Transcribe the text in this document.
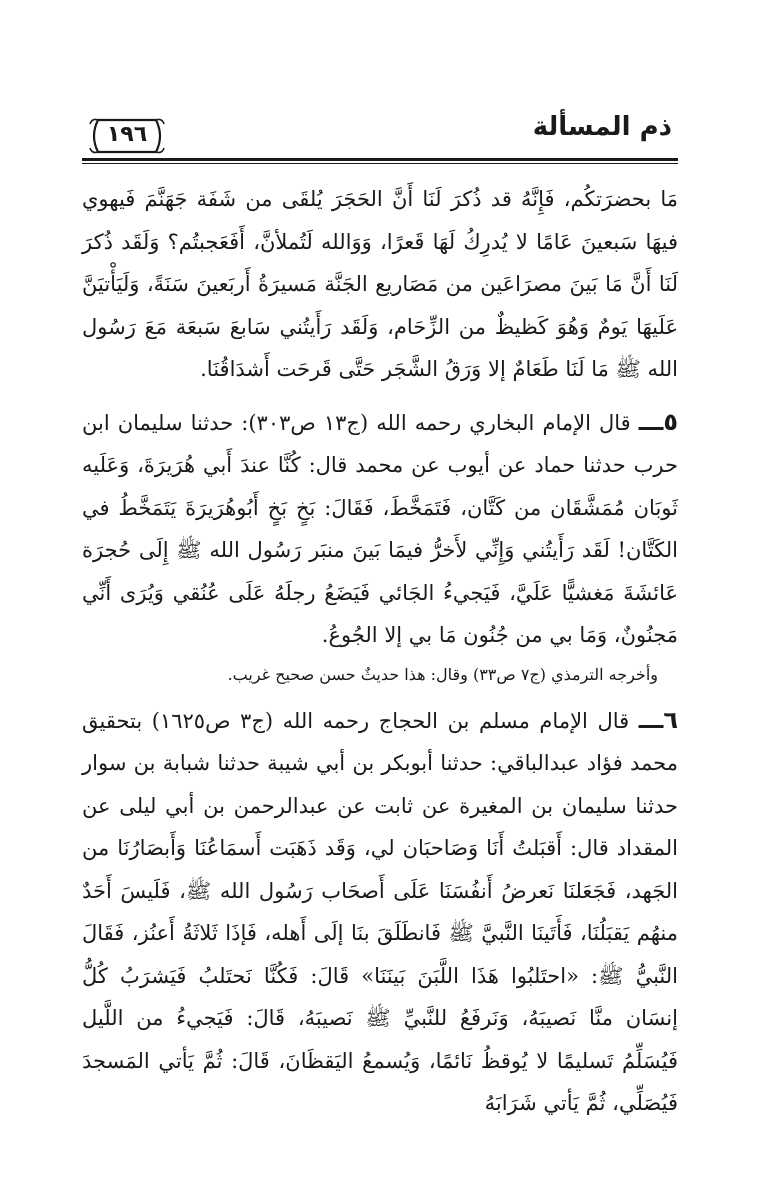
ذم المسألة
١٩٦

مَا بحضرَتكُم، فَإِنَّهُ قد ذُكرَ لَنَا أَنَّ الحَجَرَ يُلقَى من شَفَة جَهَنَّمَ فَيهوي فيهَا سَبعينَ عَامًا لا يُدرِكُ لَهَا قَعرًا، وَوَالله لَتُملأنَّ، أَفَعَجبتُم؟ وَلَقَد ذُكرَ لَنَا أَنَّ مَا بَينَ مصرَاعَين من مَصَاريع الجَنَّة مَسيرَةُ أَربَعينَ سَنَةً، وَلَيَأْتيَنَّ عَلَيهَا يَومٌ وَهُوَ كَظيظٌ من الزِّحَام، وَلَقَد رَأَيتُني سَابعَ سَبعَة مَعَ رَسُول الله ﷺ مَا لَنَا طَعَامٌ إلا وَرَقُ الشَّجَر حَتَّى قَرحَت أَشدَاقُنَا.

٥ـــ قال الإمام البخاري رحمه الله (ج١٣ ص٣٠٣): حدثنا سليمان ابن حرب حدثنا حماد عن أيوب عن محمد قال: كُنَّا عندَ أَبي هُرَيرَةَ، وَعَلَيه ثَوبَان مُمَشَّقَان من كَتَّان، فَتَمَخَّطَ، فَقَالَ: بَخٍ بَخٍ أَبُوهُرَيرَةَ يَتَمَخَّطُ في الكَتَّان! لَقَد رَأَيتُني وَإِنِّي لأَخرُّ فيمَا بَينَ منبَر رَسُول الله ﷺ إِلَى حُجرَة عَائشَةَ مَغشيًّا عَلَيَّ، فَيَجيءُ الجَائي فَيَضَعُ رجلَهُ عَلَى عُنُقي وَيُرَى أَنِّي مَجنُونٌ، وَمَا بي من جُنُون مَا بي إلا الجُوعُ.

وأخرجه الترمذي (ج٧ ص٣٣) وقال: هذا حديثٌ حسن صحيح غريب.

٦ـــ قال الإمام مسلم بن الحجاج رحمه الله (ج٣ ص١٦٢٥) بتحقيق محمد فؤاد عبدالباقي: حدثنا أبوبكر بن أبي شيبة حدثنا شبابة بن سوار حدثنا سليمان بن المغيرة عن ثابت عن عبدالرحمن بن أبي ليلى عن المقداد قال: أَقبَلتُ أَنَا وَصَاحبَان لي، وَقَد ذَهَبَت أَسمَاعُنَا وَأَبصَارُنَا من الجَهد، فَجَعَلنَا نَعرضُ أَنفُسَنَا عَلَى أَصحَاب رَسُول الله ﷺ، فَلَيسَ أَحَدٌ منهُم يَقبَلُنَا، فَأَتَينَا النَّبيَّ ﷺ فَانطَلَقَ بنَا إلَى أَهله، فَإذَا ثَلاثَةُ أَعنُز، فَقَالَ النَّبيُّ ﷺ: «احتَلبُوا هَذَا اللَّبَنَ بَينَنَا» قَالَ: فَكُنَّا نَحتَلبُ فَيَشرَبُ كُلُّ إنسَان منَّا نَصيبَهُ، وَنَرفَعُ للنَّبيِّ ﷺ نَصيبَهُ، قَالَ: فَيَجيءُ من اللَّيل فَيُسَلِّمُ تَسليمًا لا يُوقظُ نَائمًا، وَيُسمعُ اليَقظَانَ، قَالَ: ثُمَّ يَأتي المَسجدَ فَيُصَلِّي، ثُمَّ يَأتي شَرَابَهُ
